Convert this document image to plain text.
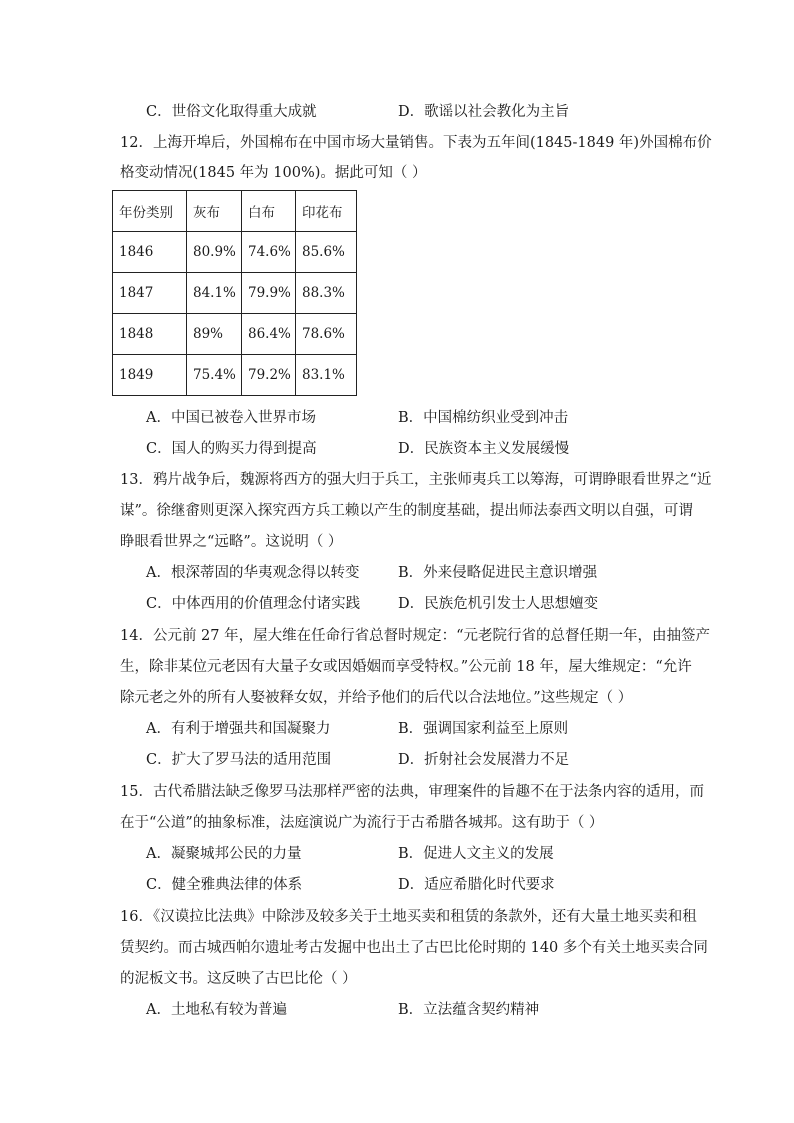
C．世俗文化取得重大成就	D．歌谣以社会教化为主旨
12．上海开埠后，外国棉布在中国市场大量销售。下表为五年间(1845-1849 年)外国棉布价
格变动情况(1845 年为 100%)。据此可知（ ）
年份类别	灰布	白布	印花布
1846	80.9%	74.6%	85.6%
1847	84.1%	79.9%	88.3%
1848	89%	86.4%	78.6%
1849	75.4%	79.2%	83.1%
A．中国已被卷入世界市场	B．中国棉纺织业受到冲击
C．国人的购买力得到提高	D．民族资本主义发展缓慢
13．鸦片战争后，魏源将西方的强大归于兵工，主张师夷兵工以筹海，可谓睁眼看世界之“近
谋”。徐继畬则更深入探究西方兵工赖以产生的制度基础，提出师法泰西文明以自强，可谓
睁眼看世界之“远略”。这说明（ ）
A．根深蒂固的华夷观念得以转变	B．外来侵略促进民主意识增强
C．中体西用的价值理念付诸实践	D．民族危机引发士人思想嬗变
14．公元前 27 年，屋大维在任命行省总督时规定：“元老院行省的总督任期一年，由抽签产
生，除非某位元老因有大量子女或因婚姻而享受特权。”公元前 18 年，屋大维规定：“允许
除元老之外的所有人娶被释女奴，并给予他们的后代以合法地位。”这些规定（ ）
A．有利于增强共和国凝聚力	B．强调国家利益至上原则
C．扩大了罗马法的适用范围	D．折射社会发展潜力不足
15．古代希腊法缺乏像罗马法那样严密的法典，审理案件的旨趣不在于法条内容的适用，而
在于“公道”的抽象标准，法庭演说广为流行于古希腊各城邦。这有助于（ ）
A．凝聚城邦公民的力量	B．促进人文主义的发展
C．健全雅典法律的体系	D．适应希腊化时代要求
16．《汉谟拉比法典》中除涉及较多关于土地买卖和租赁的条款外，还有大量土地买卖和租
赁契约。而古城西帕尔遗址考古发掘中也出土了古巴比伦时期的 140 多个有关土地买卖合同
的泥板文书。这反映了古巴比伦（ ）
A．土地私有较为普遍	B．立法蕴含契约精神
